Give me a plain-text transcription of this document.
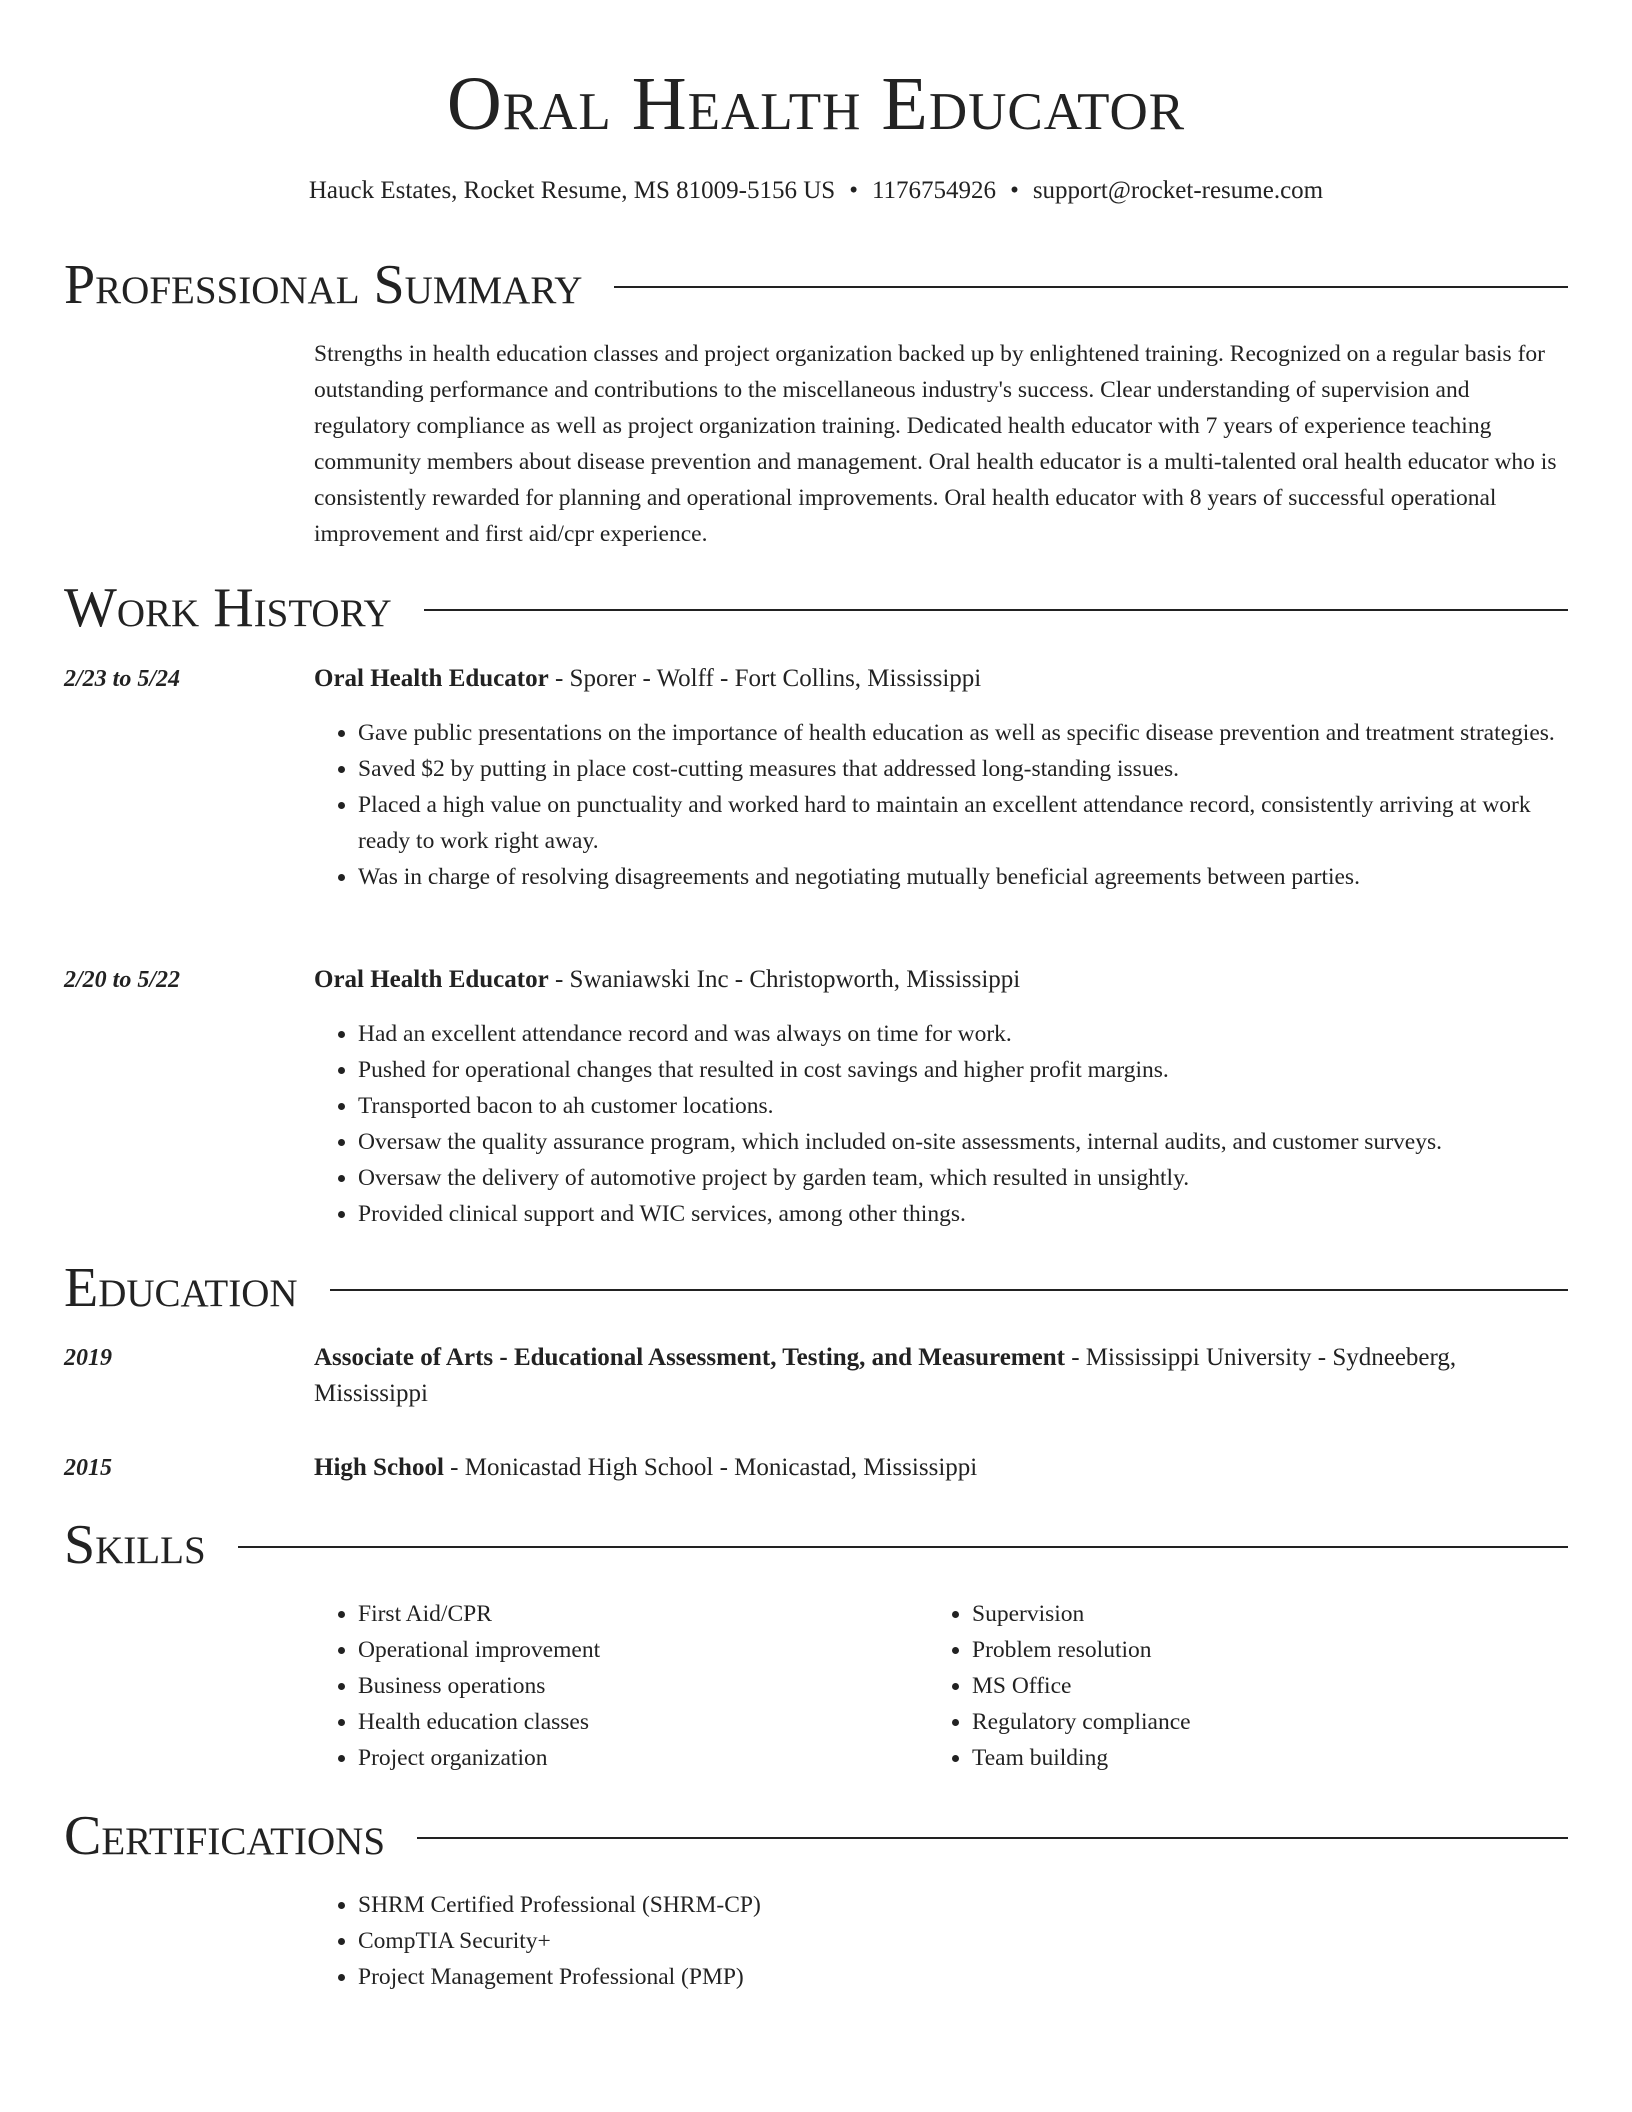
Oral Health Educator
Hauck Estates, Rocket Resume, MS 81009-5156 US • 1176754926 • support@rocket-resume.com
Professional Summary
Strengths in health education classes and project organization backed up by enlightened training. Recognized on a regular basis for outstanding performance and contributions to the miscellaneous industry's success. Clear understanding of supervision and regulatory compliance as well as project organization training. Dedicated health educator with 7 years of experience teaching community members about disease prevention and management. Oral health educator is a multi-talented oral health educator who is consistently rewarded for planning and operational improvements. Oral health educator with 8 years of successful operational improvement and first aid/cpr experience.
Work History
2/23 to 5/24	Oral Health Educator - Sporer - Wolff - Fort Collins, Mississippi
• Gave public presentations on the importance of health education as well as specific disease prevention and treatment strategies.
• Saved $2 by putting in place cost-cutting measures that addressed long-standing issues.
• Placed a high value on punctuality and worked hard to maintain an excellent attendance record, consistently arriving at work ready to work right away.
• Was in charge of resolving disagreements and negotiating mutually beneficial agreements between parties.
2/20 to 5/22	Oral Health Educator - Swaniawski Inc - Christopworth, Mississippi
• Had an excellent attendance record and was always on time for work.
• Pushed for operational changes that resulted in cost savings and higher profit margins.
• Transported bacon to ah customer locations.
• Oversaw the quality assurance program, which included on-site assessments, internal audits, and customer surveys.
• Oversaw the delivery of automotive project by garden team, which resulted in unsightly.
• Provided clinical support and WIC services, among other things.
Education
2019	Associate of Arts - Educational Assessment, Testing, and Measurement - Mississippi University - Sydneeberg, Mississippi
2015	High School - Monicastad High School - Monicastad, Mississippi
Skills
• First Aid/CPR
• Operational improvement
• Business operations
• Health education classes
• Project organization
• Supervision
• Problem resolution
• MS Office
• Regulatory compliance
• Team building
Certifications
• SHRM Certified Professional (SHRM-CP)
• CompTIA Security+
• Project Management Professional (PMP)
